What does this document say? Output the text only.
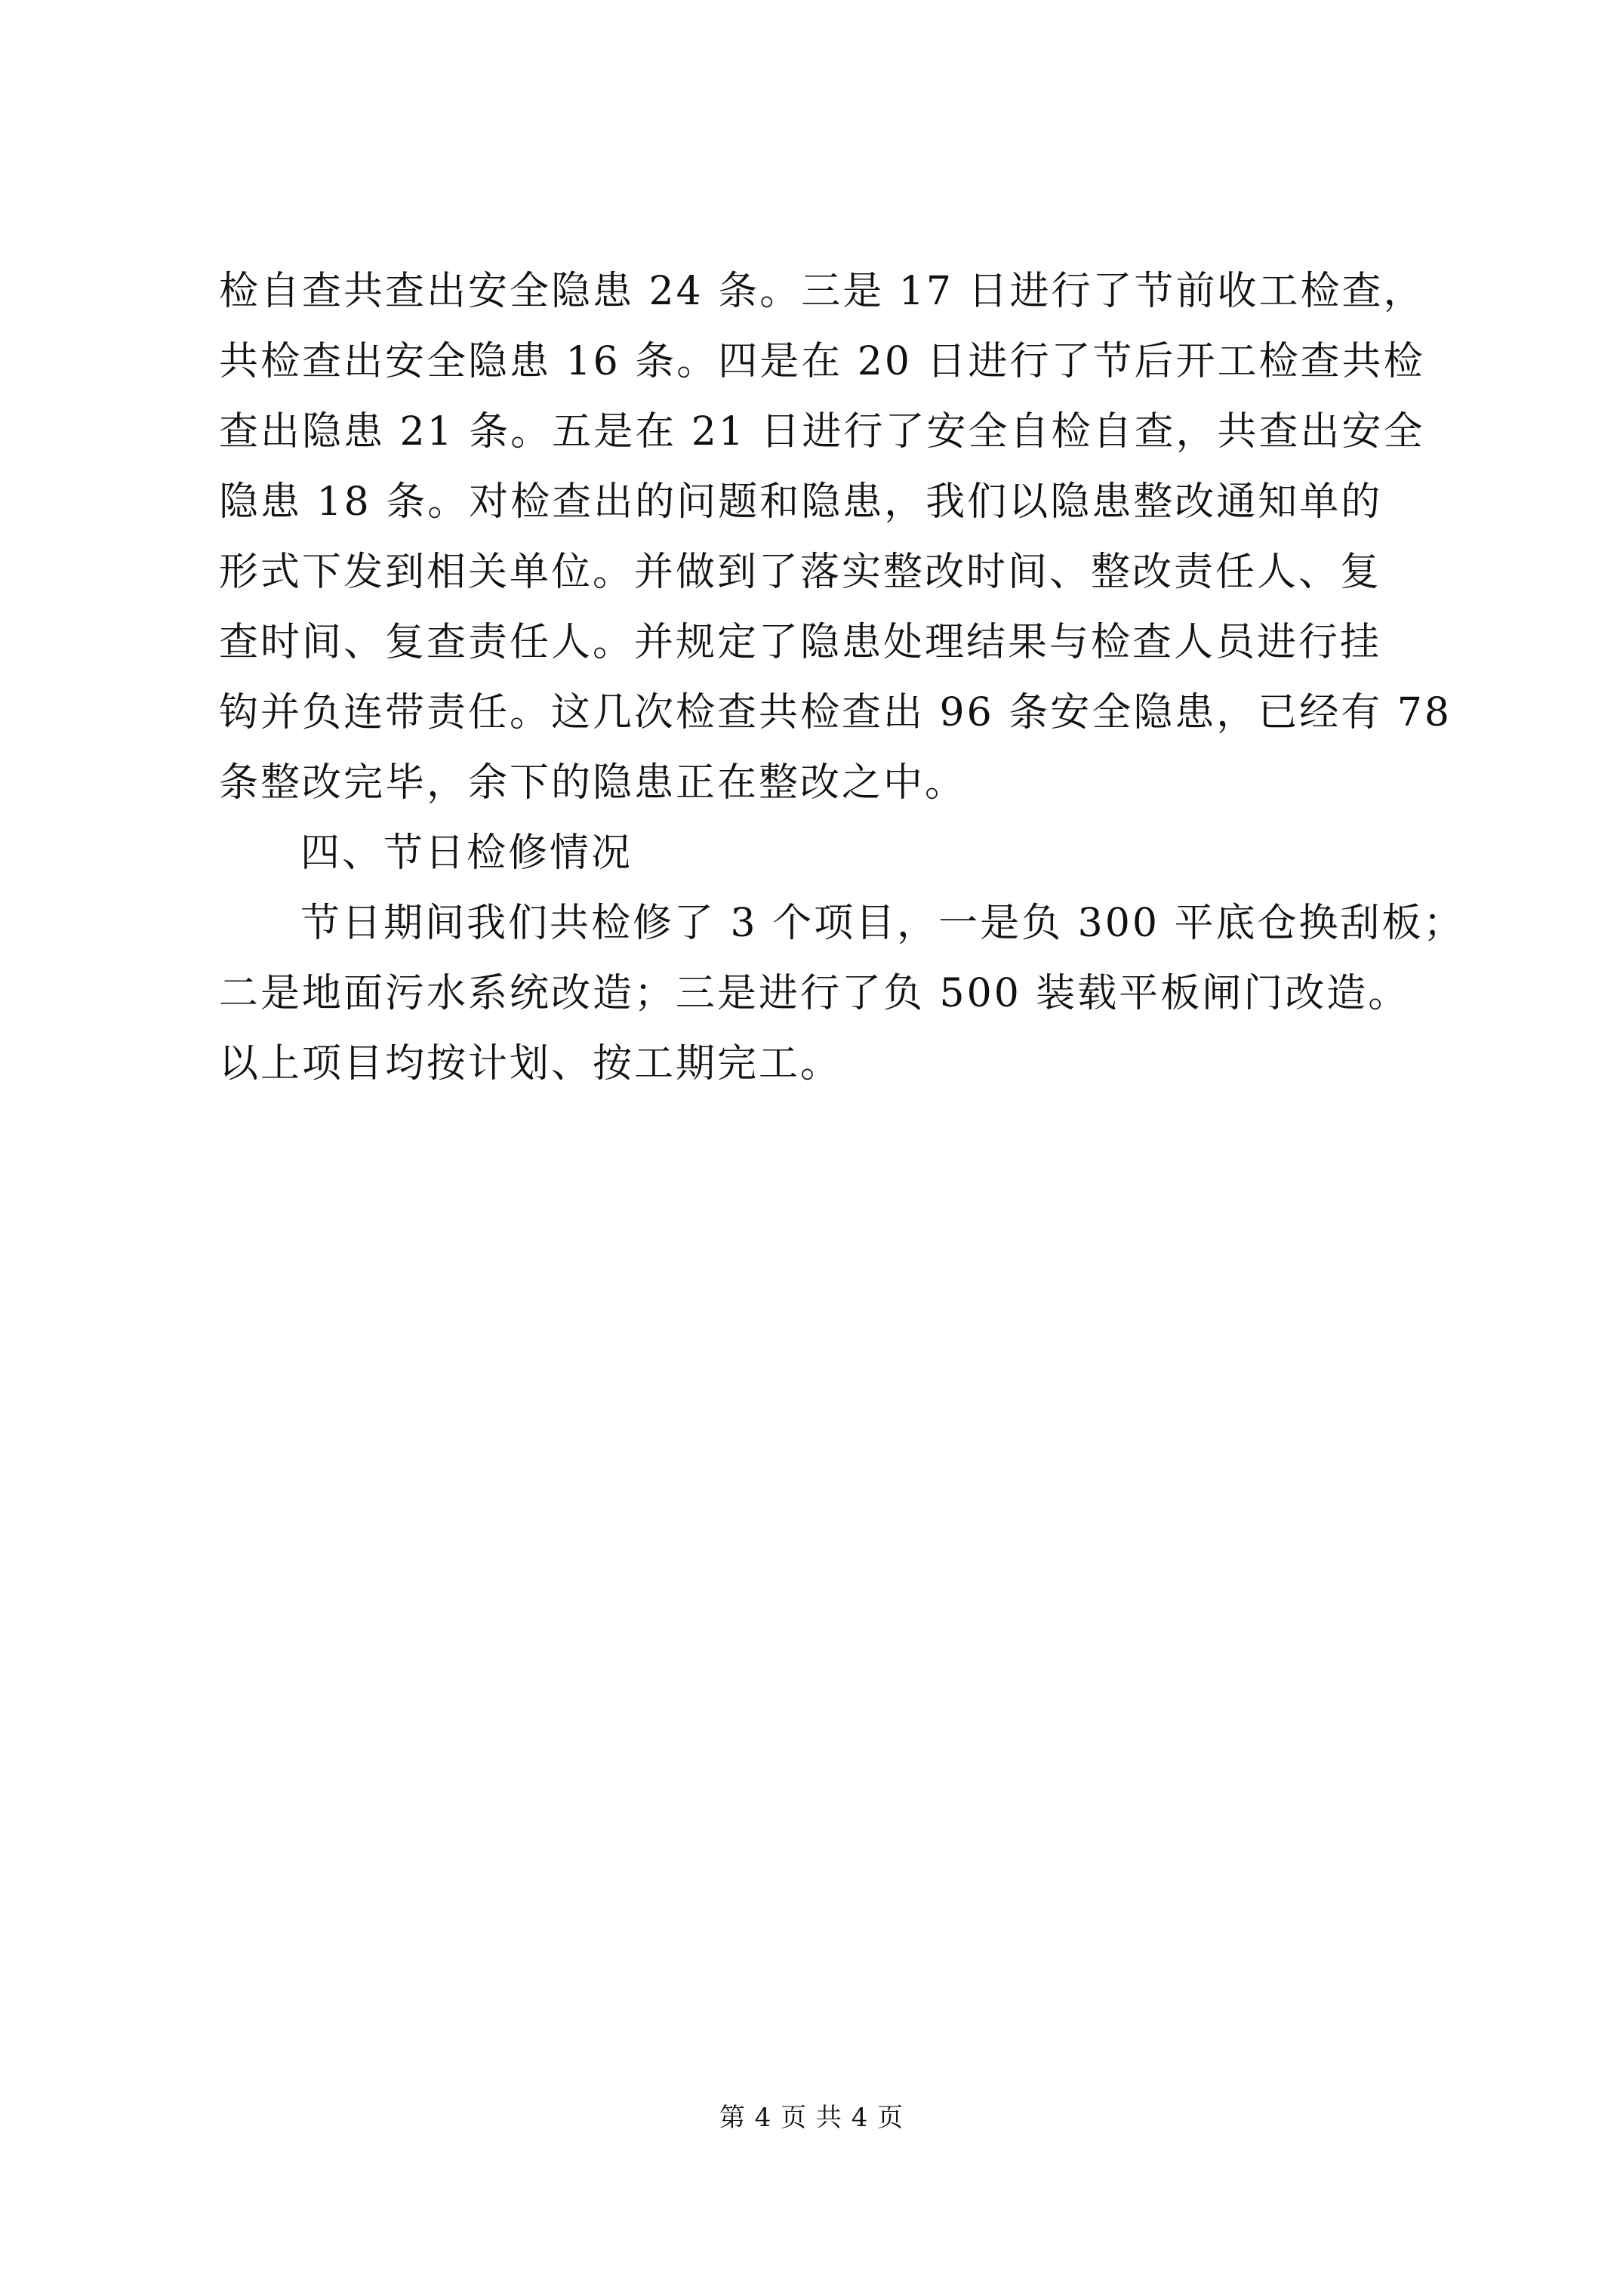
检自查共查出安全隐患 24 条。三是 17 日进行了节前收工检查，
共检查出安全隐患 16 条。四是在 20 日进行了节后开工检查共检
查出隐患 21 条。五是在 21 日进行了安全自检自查，共查出安全
隐患 18 条。对检查出的问题和隐患，我们以隐患整改通知单的
形式下发到相关单位。并做到了落实整改时间、整改责任人、复
查时间、复查责任人。并规定了隐患处理结果与检查人员进行挂
钩并负连带责任。这几次检查共检查出 96 条安全隐患，已经有 78
条整改完毕，余下的隐患正在整改之中。
四、节日检修情况
节日期间我们共检修了 3 个项目，一是负 300 平底仓换刮板；
二是地面污水系统改造；三是进行了负 500 装载平板闸门改造。
以上项目均按计划、按工期完工。
第 4 页 共 4 页
